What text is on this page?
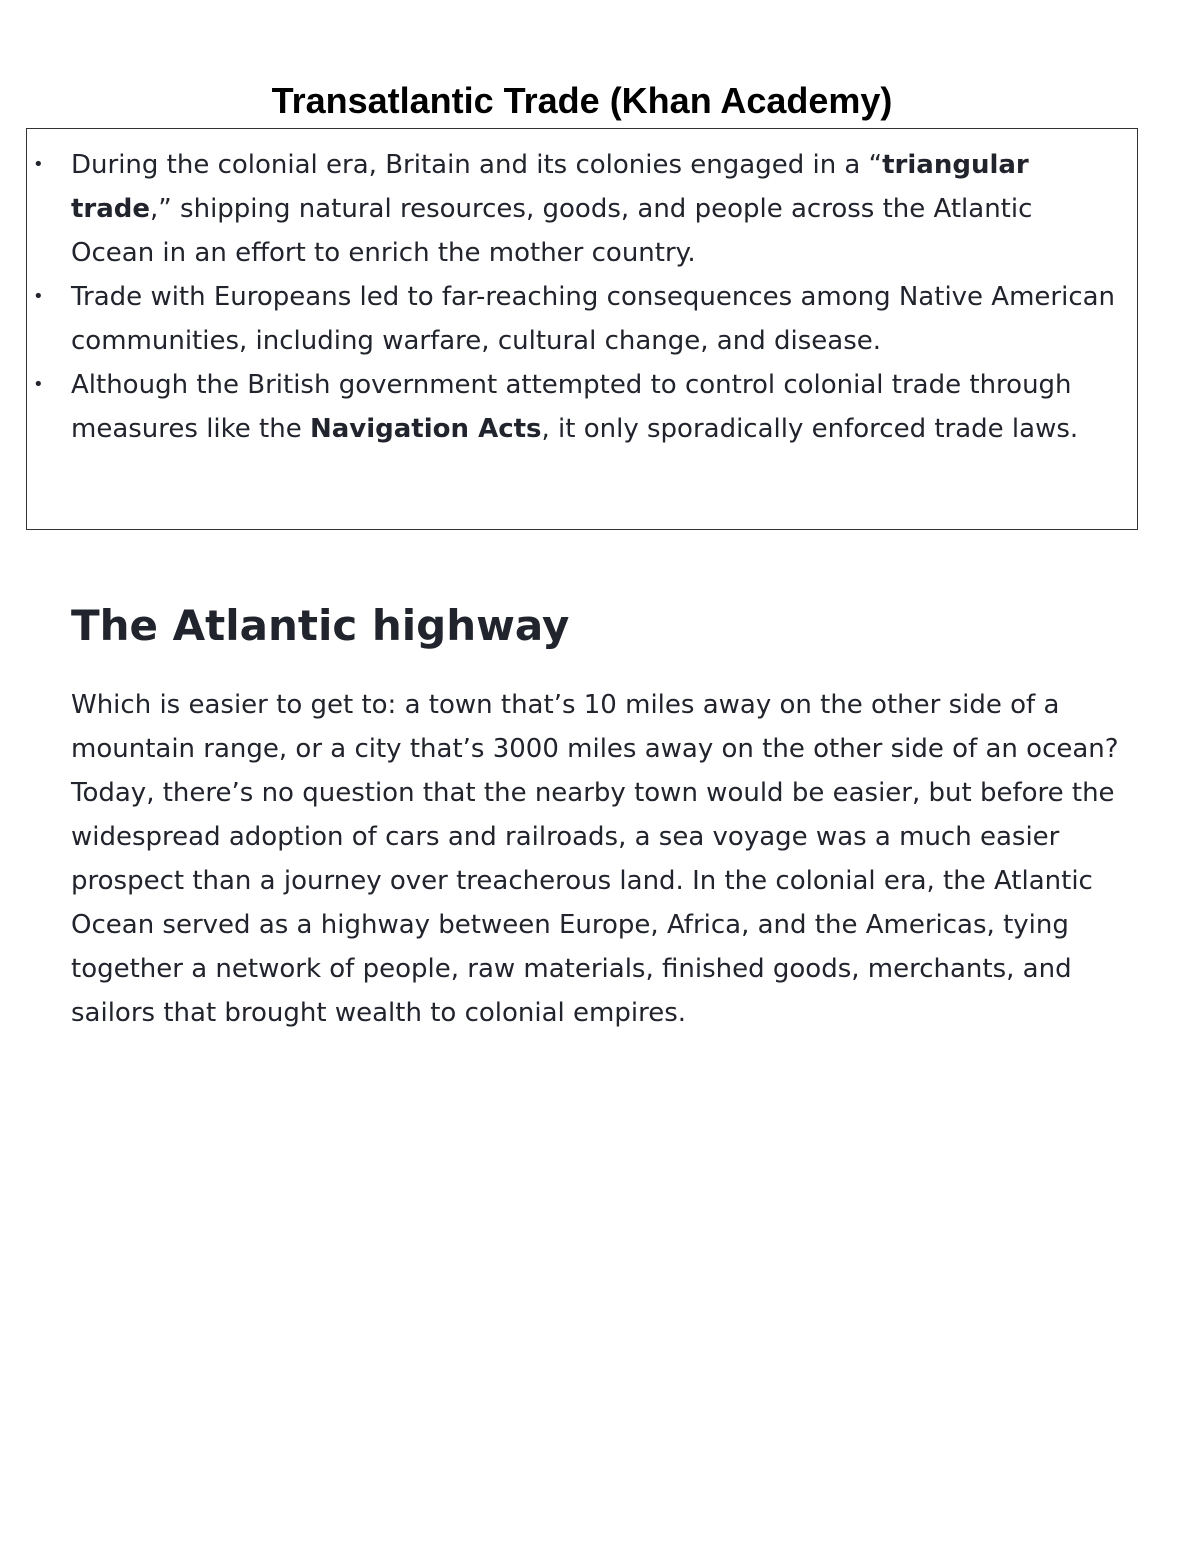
Transatlantic Trade (Khan Academy)
• During the colonial era, Britain and its colonies engaged in a “triangular trade,” shipping natural resources, goods, and people across the Atlantic Ocean in an effort to enrich the mother country.
• Trade with Europeans led to far-reaching consequences among Native American communities, including warfare, cultural change, and disease.
• Although the British government attempted to control colonial trade through measures like the Navigation Acts, it only sporadically enforced trade laws.
The Atlantic highway

Which is easier to get to: a town that’s 10 miles away on the other side of a mountain range, or a city that’s 3000 miles away on the other side of an ocean? Today, there’s no question that the nearby town would be easier, but before the widespread adoption of cars and railroads, a sea voyage was a much easier prospect than a journey over treacherous land. In the colonial era, the Atlantic Ocean served as a highway between Europe, Africa, and the Americas, tying together a network of people, raw materials, finished goods, merchants, and sailors that brought wealth to colonial empires.
